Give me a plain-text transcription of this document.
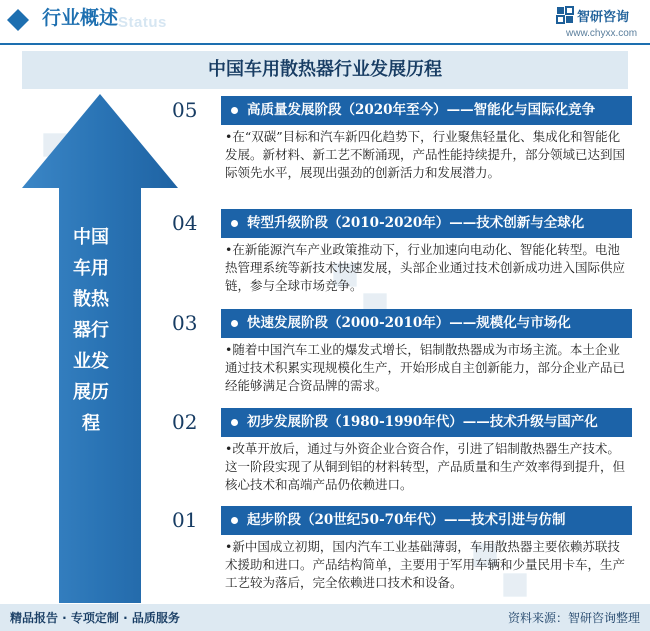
行业概述 Status	智研咨询
www.chyxx.com
中国车用散热器行业发展历程
中国
车用
散热
器行
业发
展历
程
05	高质量发展阶段（2020年至今）——智能化与国际化竞争
•在“双碳”目标和汽车新四化趋势下，行业聚焦轻量化、集成化和智能化发展。新材料、新工艺不断涌现，产品性能持续提升，部分领域已达到国际领先水平，展现出强劲的创新活力和发展潜力。
04	转型升级阶段（2010-2020年）——技术创新与全球化
•在新能源汽车产业政策推动下，行业加速向电动化、智能化转型。电池热管理系统等新技术快速发展，头部企业通过技术创新成功进入国际供应链，参与全球市场竞争。
03	快速发展阶段（2000-2010年）——规模化与市场化
•随着中国汽车工业的爆发式增长，铝制散热器成为市场主流。本土企业通过技术积累实现规模化生产，开始形成自主创新能力，部分企业产品已经能够满足合资品牌的需求。
02	初步发展阶段（1980-1990年代）——技术升级与国产化
•改革开放后，通过与外资企业合资合作，引进了铝制散热器生产技术。这一阶段实现了从铜到铝的材料转型，产品质量和生产效率得到提升，但核心技术和高端产品仍依赖进口。
01	起步阶段（20世纪50-70年代）——技术引进与仿制
•新中国成立初期，国内汽车工业基础薄弱，车用散热器主要依赖苏联技术援助和进口。产品结构简单，主要用于军用车辆和少量民用卡车，生产工艺较为落后，完全依赖进口技术和设备。
精品报告 · 专项定制 · 品质服务	资料来源：智研咨询整理
